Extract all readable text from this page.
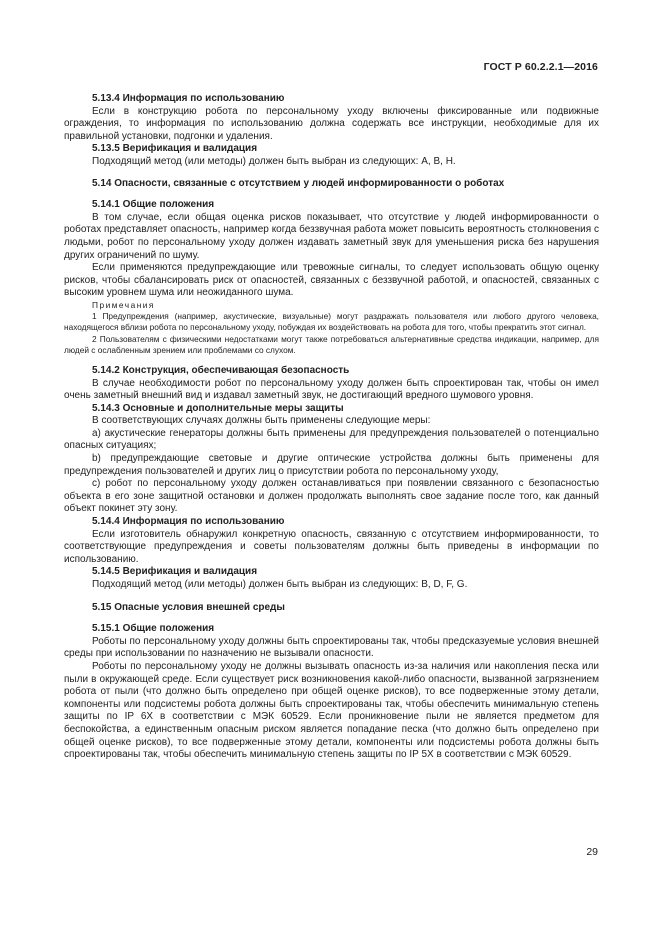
ГОСТ Р 60.2.2.1—2016

5.13.4 Информация по использованию

Если в конструкцию робота по персональному уходу включены фиксированные или подвижные ограждения, то информация по использованию должна содержать все инструкции, необходимые для их правильной установки, подгонки и удаления.

5.13.5 Верификация и валидация

Подходящий метод (или методы) должен быть выбран из следующих: А, В, Н.

5.14 Опасности, связанные с отсутствием у людей информированности о роботах

5.14.1 Общие положения

В том случае, если общая оценка рисков показывает, что отсутствие у людей информированности о роботах представляет опасность, например когда беззвучная работа может повысить вероятность столкновения с людьми, робот по персональному уходу должен издавать заметный звук для уменьшения риска без нарушения других ограничений по шуму.

Если применяются предупреждающие или тревожные сигналы, то следует использовать общую оценку рисков, чтобы сбалансировать риск от опасностей, связанных с беззвучной работой, и опасностей, связанных с высоким уровнем шума или неожиданного шума.

Примечания

1 Предупреждения (например, акустические, визуальные) могут раздражать пользователя или любого другого человека, находящегося вблизи робота по персональному уходу, побуждая их воздействовать на робота для того, чтобы прекратить этот сигнал.

2 Пользователям с физическими недостатками могут также потребоваться альтернативные средства индикации, например, для людей с ослабленным зрением или проблемами со слухом.

5.14.2 Конструкция, обеспечивающая безопасность

В случае необходимости робот по персональному уходу должен быть спроектирован так, чтобы он имел очень заметный внешний вид и издавал заметный звук, не достигающий вредного шумового уровня.

5.14.3 Основные и дополнительные меры защиты

В соответствующих случаях должны быть применены следующие меры:

а) акустические генераторы должны быть применены для предупреждения пользователей о потенциально опасных ситуациях;

b) предупреждающие световые и другие оптические устройства должны быть применены для предупреждения пользователей и других лиц о присутствии робота по персональному уходу,

с) робот по персональному уходу должен останавливаться при появлении связанного с безопасностью объекта в его зоне защитной остановки и должен продолжать выполнять свое задание после того, как данный объект покинет эту зону.

5.14.4 Информация по использованию

Если изготовитель обнаружил конкретную опасность, связанную с отсутствием информированности, то соответствующие предупреждения и советы пользователям должны быть приведены в информации по использованию.

5.14.5 Верификация и валидация

Подходящий метод (или методы) должен быть выбран из следующих: В, D, F, G.

5.15 Опасные условия внешней среды

5.15.1 Общие положения

Роботы по персональному уходу должны быть спроектированы так, чтобы предсказуемые условия внешней среды при использовании по назначению не вызывали опасности.

Роботы по персональному уходу не должны вызывать опасность из-за наличия или накопления песка или пыли в окружающей среде. Если существует риск возникновения какой-либо опасности, вызванной загрязнением робота от пыли (что должно быть определено при общей оценке рисков), то все подверженные этому детали, компоненты или подсистемы робота должны быть спроектированы так, чтобы обеспечить минимальную степень защиты по IP 6X в соответствии с МЭК 60529. Если проникновение пыли не является предметом для беспокойства, а единственным опасным риском является попадание песка (что должно быть определено при общей оценке рисков), то все подверженные этому детали, компоненты или подсистемы робота должны быть спроектированы так, чтобы обеспечить минимальную степень защиты по IP 5X в соответствии с МЭК 60529.

29
